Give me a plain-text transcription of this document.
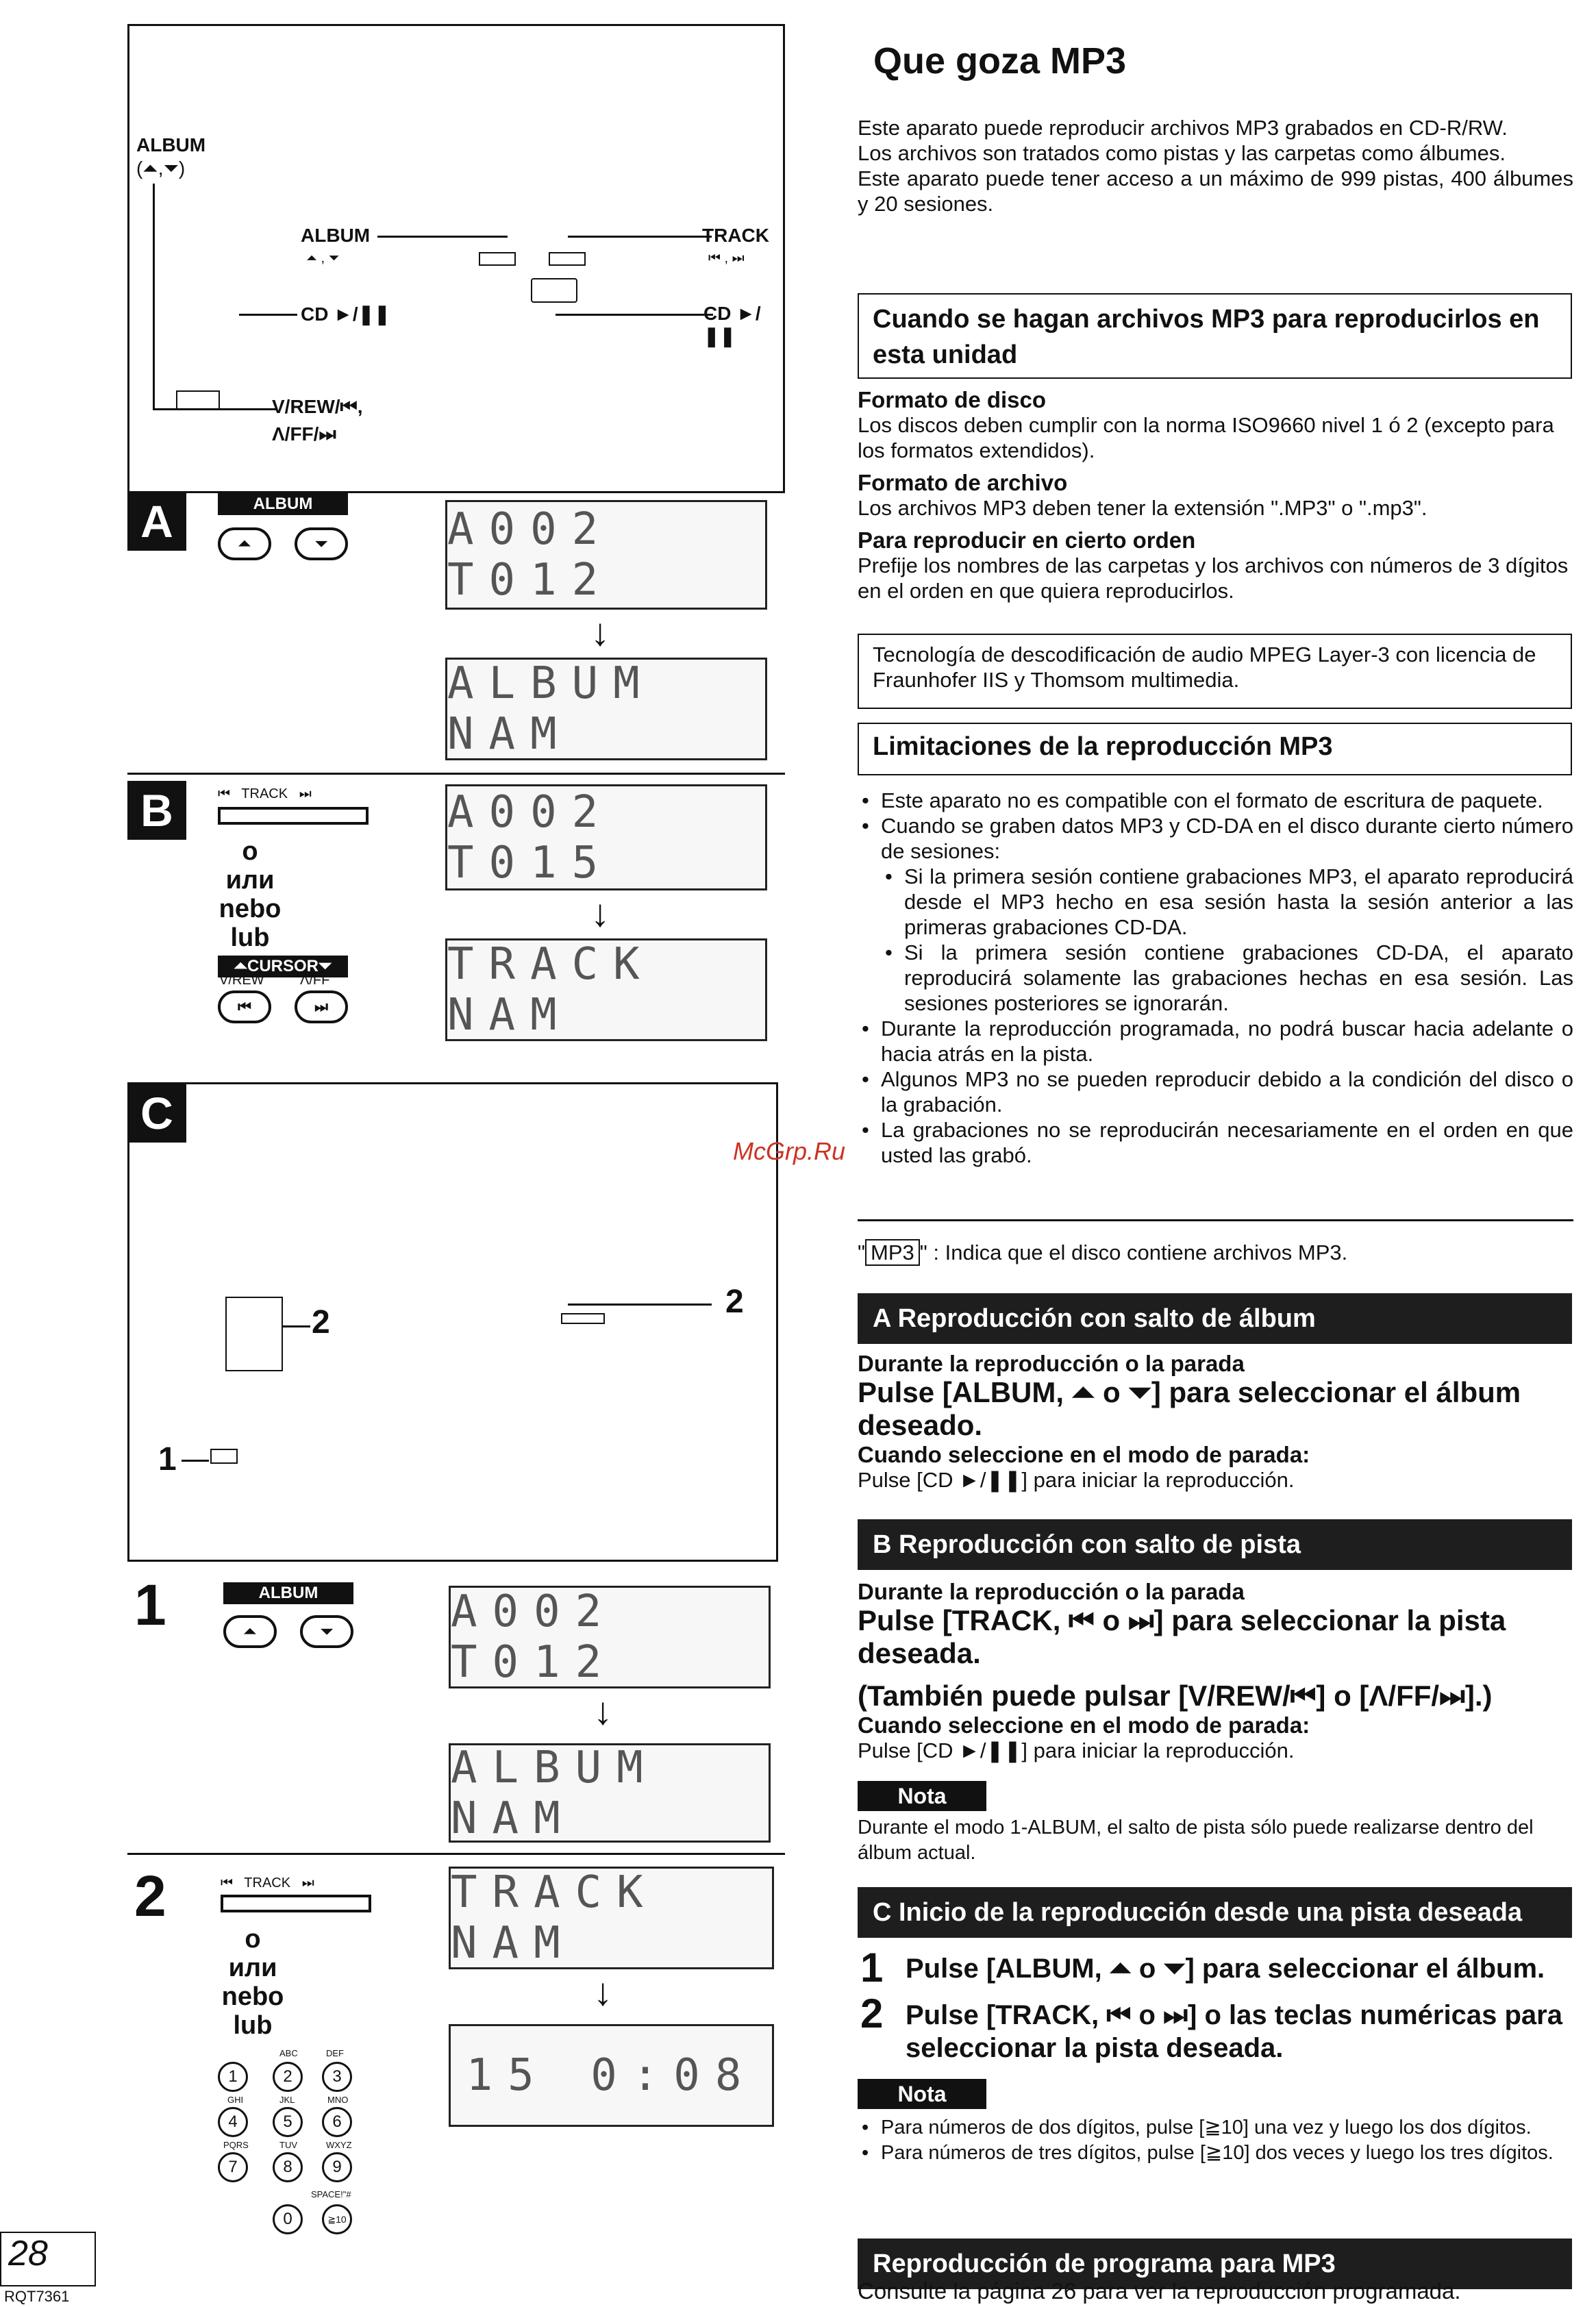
ALBUM
(⏶,⏷)
ALBUM
⏶ , ⏷
TRACK
⏮ , ⏭
CD ►/❚❚
CD ►/❚❚
V/REW/⏮,
Λ/FF/⏭
A	ALBUM
⏶	⏷	A002 T012
↓
ALBUM NAM
B	⏮   TRACK   ⏭
o
или
nebo
lub
⏶CURSOR⏷
V/REW	Λ/FF
⏮	⏭
A002 T015
↓
TRACK NAM
2
2
1
C
1	ALBUM
⏶	⏷	A002 T012
↓
ALBUM NAM
2	⏮   TRACK   ⏭
o
или
nebo
lub
TRACK NAM
↓
15 0:08
ABC	DEF
1	2	3
GHI	JKL	MNO
4	5	6
PQRS	TUV	WXYZ
7	8	9
SPACE!"#
0	≧10
28
RQT7361
McGrp.Ru
Que goza MP3
Este aparato puede reproducir archivos MP3 grabados en CD-R/RW.
Los archivos son tratados como pistas y las carpetas como álbumes.
Este aparato puede tener acceso a un máximo de 999 pistas, 400 álbumes y 20 sesiones.
Cuando se hagan archivos MP3 para reproducirlos en esta unidad
Formato de disco
Los discos deben cumplir con la norma ISO9660 nivel 1 ó 2 (excepto para los formatos extendidos).
Formato de archivo
Los archivos MP3 deben tener la extensión ".MP3" o ".mp3".
Para reproducir en cierto orden
Prefije los nombres de las carpetas y los archivos con números de 3 dígitos en el orden en que quiera reproducirlos.
Tecnología de descodificación de audio MPEG Layer-3 con licencia de Fraunhofer IIS y Thomsom multimedia.
Limitaciones de la reproducción MP3
• Este aparato no es compatible con el formato de escritura de paquete.
• Cuando se graben datos MP3 y CD-DA en el disco durante cierto número de sesiones:
• Si la primera sesión contiene grabaciones MP3, el aparato reproducirá desde el MP3 hecho en esa sesión hasta la sesión anterior a las primeras grabaciones CD-DA.
• Si la primera sesión contiene grabaciones CD-DA, el aparato reproducirá solamente las grabaciones hechas en esa sesión. Las sesiones posteriores se ignorarán.
• Durante la reproducción programada, no podrá buscar hacia adelante o hacia atrás en la pista.
• Algunos MP3 no se pueden reproducir debido a la condición del disco o la grabación.
• La grabaciones no se reproducirán necesariamente en el orden en que usted las grabó.
" MP3 " : Indica que el disco contiene archivos MP3.
A Reproducción con salto de álbum
Durante la reproducción o la parada
Pulse [ALBUM, ⏶ o ⏷] para seleccionar el álbum deseado.
Cuando seleccione en el modo de parada:
Pulse [CD ►/❚❚] para iniciar la reproducción.
B Reproducción con salto de pista
Durante la reproducción o la parada
Pulse [TRACK, ⏮ o ⏭] para seleccionar la pista deseada.
(También puede pulsar [V/REW/⏮] o [Λ/FF/⏭].)
Cuando seleccione en el modo de parada:
Pulse [CD ►/❚❚] para iniciar la reproducción.
Nota
Durante el modo 1-ALBUM, el salto de pista sólo puede realizarse dentro del álbum actual.
C Inicio de la reproducción desde una pista deseada
1 Pulse [ALBUM, ⏶ o ⏷] para seleccionar el álbum.
2 Pulse [TRACK, ⏮ o ⏭] o las teclas numéricas para seleccionar la pista deseada.
Nota
• Para números de dos dígitos, pulse [≧10] una vez y luego los dos dígitos.
• Para números de tres dígitos, pulse [≧10] dos veces y luego los tres dígitos.
Reproducción de programa para MP3
Consulte la página 26 para ver la reproducción programada.
